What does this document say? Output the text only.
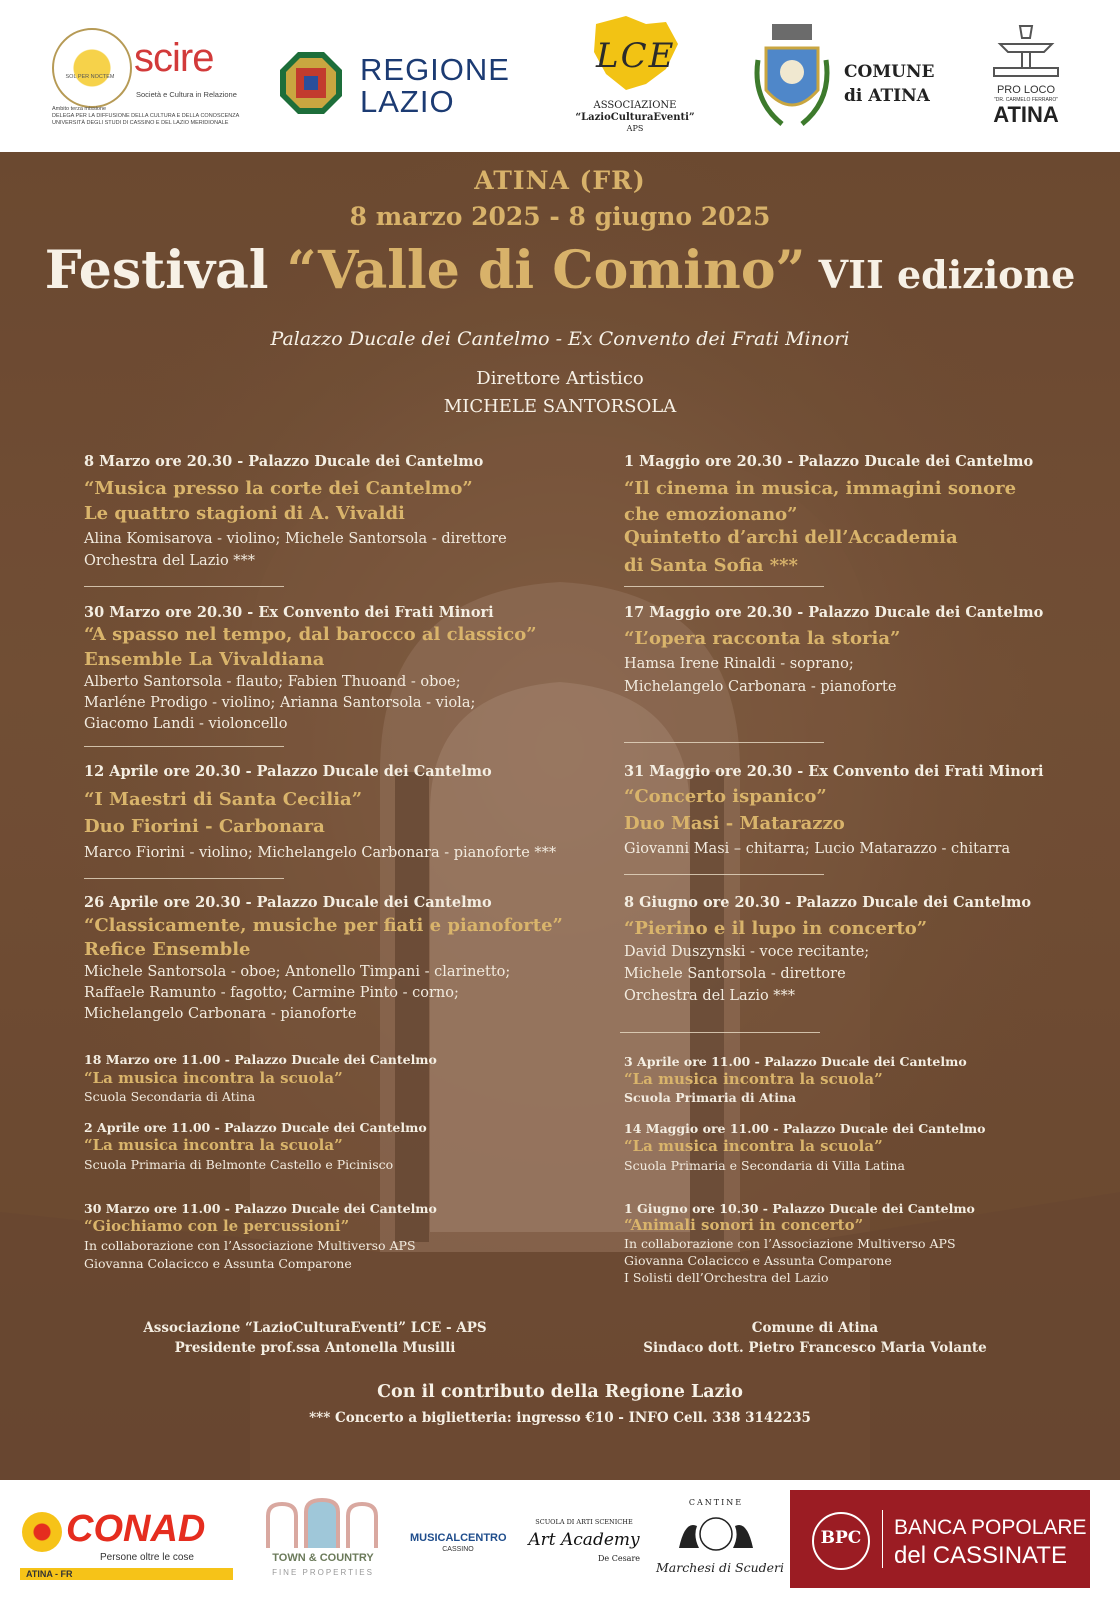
SOL PER NOCTEM scire
Società e Cultura in Relazione
Ambito terza missione
DELEGA PER LA DIFFUSIONE DELLA CULTURA E DELLA CONOSCENZA
UNIVERSITÀ DEGLI STUDI DI CASSINO E DEL LAZIO MERIDIONALE
REGIONE
LAZIO
LCE
ASSOCIAZIONE
“LazioCulturaEventi”
APS
COMUNE
di ATINA	PRO LOCO
"DR. CARMELO FERRARO"
ATINA
ATINA (FR)
8 marzo 2025 - 8 giugno 2025
Festival “Valle di Comino” VII edizione
Palazzo Ducale dei Cantelmo - Ex Convento dei Frati Minori
Direttore Artistico
MICHELE SANTORSOLA
8 Marzo ore 20.30 - Palazzo Ducale dei Cantelmo
“Musica presso la corte dei Cantelmo”
Le quattro stagioni di A. Vivaldi
Alina Komisarova - violino; Michele Santorsola - direttore
Orchestra del Lazio ***
30 Marzo ore 20.30 - Ex Convento dei Frati Minori
“A spasso nel tempo, dal barocco al classico”
Ensemble La Vivaldiana
Alberto Santorsola - flauto; Fabien Thuoand - oboe;
Marléne Prodigo - violino; Arianna Santorsola - viola;
Giacomo Landi - violoncello
12 Aprile ore 20.30 - Palazzo Ducale dei Cantelmo
“I Maestri di Santa Cecilia”
Duo Fiorini - Carbonara
Marco Fiorini - violino; Michelangelo Carbonara - pianoforte ***
26 Aprile ore 20.30 - Palazzo Ducale dei Cantelmo
“Classicamente, musiche per fiati e pianoforte”
Refice Ensemble
Michele Santorsola - oboe; Antonello Timpani - clarinetto;
Raffaele Ramunto - fagotto; Carmine Pinto - corno;
Michelangelo Carbonara - pianoforte
1 Maggio ore 20.30 - Palazzo Ducale dei Cantelmo
“Il cinema in musica, immagini sonore
che emozionano”
Quintetto d’archi dell’Accademia
di Santa Sofia ***
17 Maggio ore 20.30 - Palazzo Ducale dei Cantelmo
“L’opera racconta la storia”
Hamsa Irene Rinaldi - soprano;
Michelangelo Carbonara - pianoforte
31 Maggio ore 20.30 - Ex Convento dei Frati Minori
“Concerto ispanico”
Duo Masi - Matarazzo
Giovanni Masi – chitarra; Lucio Matarazzo - chitarra
8 Giugno ore 20.30 - Palazzo Ducale dei Cantelmo
“Pierino e il lupo in concerto”
David Duszynski - voce recitante;
Michele Santorsola - direttore
Orchestra del Lazio ***
18 Marzo ore 11.00 - Palazzo Ducale dei Cantelmo
“La musica incontra la scuola”
Scuola Secondaria di Atina
2 Aprile ore 11.00 - Palazzo Ducale dei Cantelmo
“La musica incontra la scuola”
Scuola Primaria di Belmonte Castello e Picinisco
30 Marzo ore 11.00 - Palazzo Ducale dei Cantelmo
“Giochiamo con le percussioni”
In collaborazione con l’Associazione Multiverso APS
Giovanna Colacicco e Assunta Comparone
3 Aprile ore 11.00 - Palazzo Ducale dei Cantelmo
“La musica incontra la scuola”
Scuola Primaria di Atina
14 Maggio ore 11.00 - Palazzo Ducale dei Cantelmo
“La musica incontra la scuola”
Scuola Primaria e Secondaria di Villa Latina
1 Giugno ore 10.30 - Palazzo Ducale dei Cantelmo
“Animali sonori in concerto”
In collaborazione con l’Associazione Multiverso APS
Giovanna Colacicco e Assunta Comparone
I Solisti dell’Orchestra del Lazio
Associazione “LazioCulturaEventi” LCE - APS
Presidente prof.ssa Antonella Musilli
Comune di Atina
Sindaco dott. Pietro Francesco Maria Volante
Con il contributo della Regione Lazio
*** Concerto a biglietteria: ingresso €10 - INFO Cell. 338 3142235
CONAD
Persone oltre le cose
ATINA - FR
TOWN & COUNTRY
FINE PROPERTIES
MUSICALCENTRO
CASSINO
SCUOLA DI ARTI SCENICHE
Art Academy
De Cesare
CANTINE
Marchesi di Scuderi
BPC	BANCA POPOLARE
del CASSINATE
